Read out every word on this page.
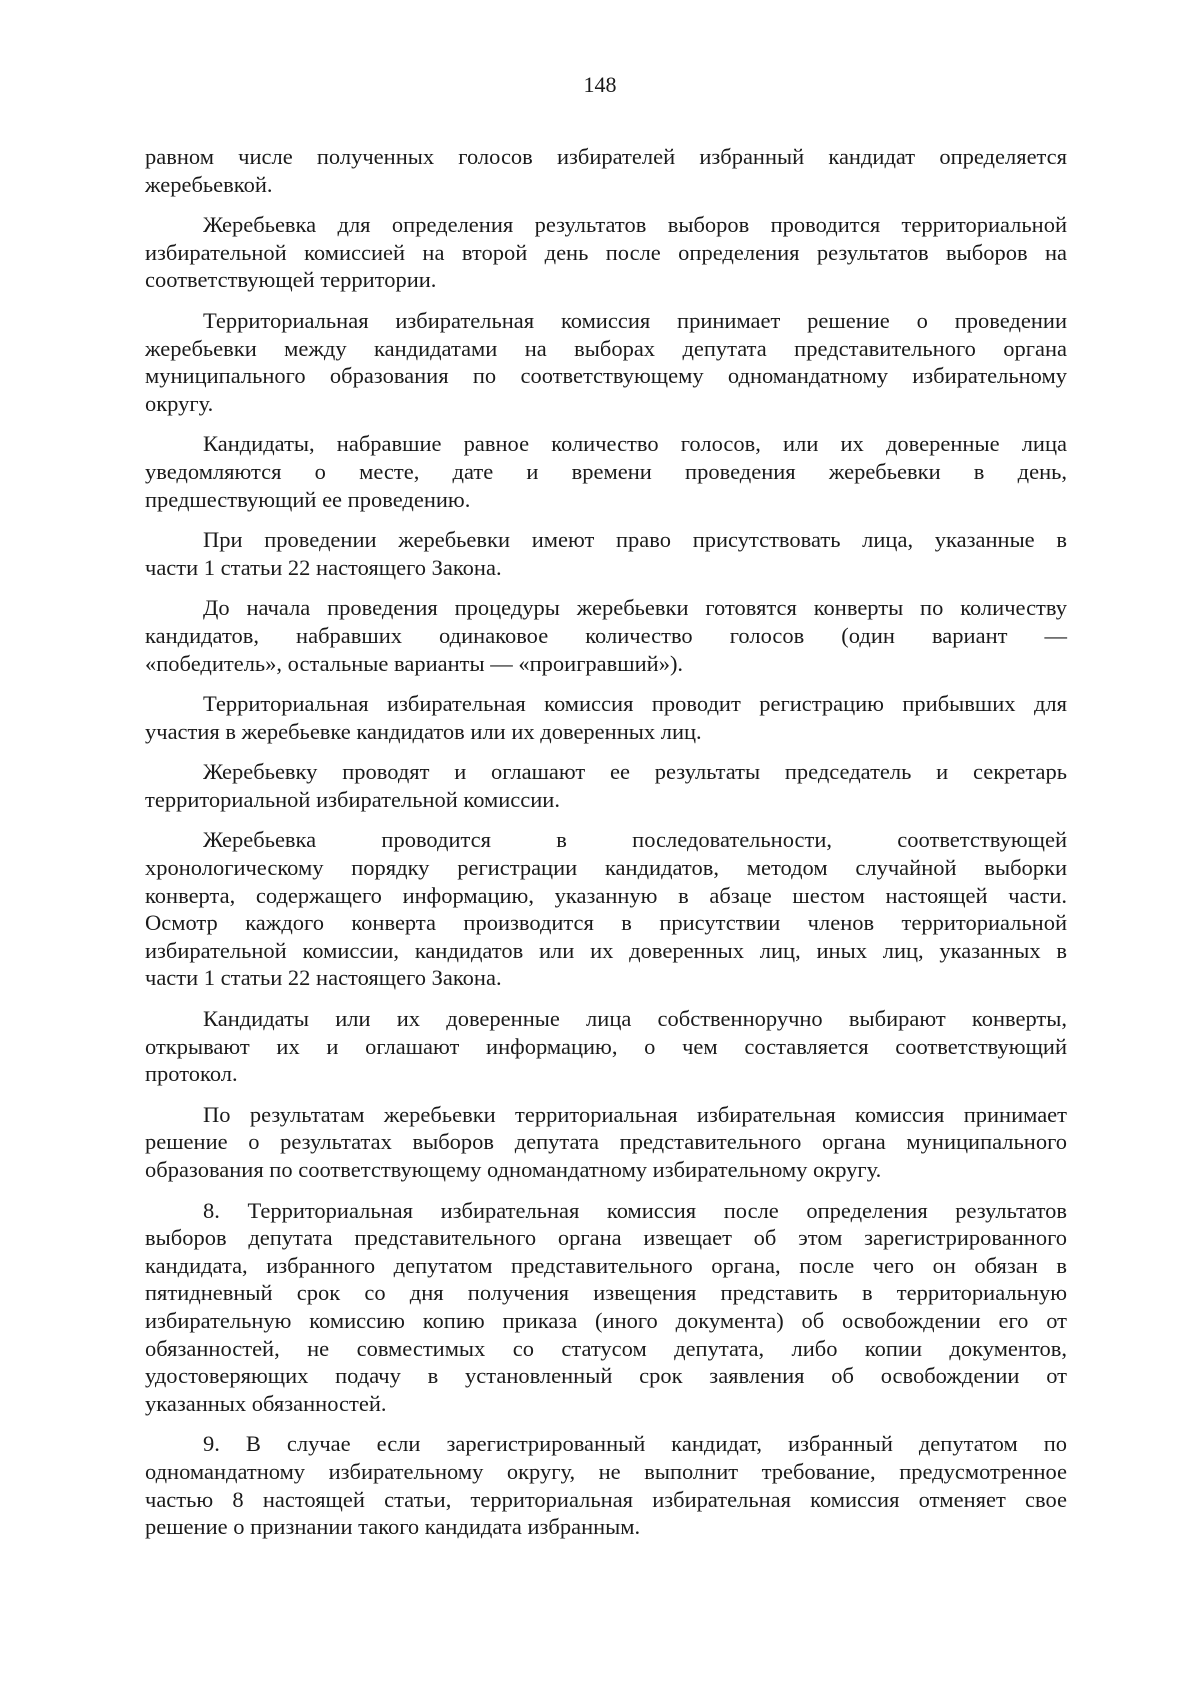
148
равном числе полученных голосов избирателей избранный кандидат определяется
жеребьевкой.
Жеребьевка для определения результатов выборов проводится территориальной
избирательной комиссией на второй день после определения результатов выборов на
соответствующей территории.
Территориальная избирательная комиссия принимает решение о проведении
жеребьевки между кандидатами на выборах депутата представительного органа
муниципального образования по соответствующему одномандатному избирательному
округу.
Кандидаты, набравшие равное количество голосов, или их доверенные лица
уведомляются о месте, дате и времени проведения жеребьевки в день,
предшествующий ее проведению.
При проведении жеребьевки имеют право присутствовать лица, указанные в
части 1 статьи 22 настоящего Закона.
До начала проведения процедуры жеребьевки готовятся конверты по количеству
кандидатов, набравших одинаковое количество голосов (один вариант —
«победитель», остальные варианты — «проигравший»).
Территориальная избирательная комиссия проводит регистрацию прибывших для
участия в жеребьевке кандидатов или их доверенных лиц.
Жеребьевку проводят и оглашают ее результаты председатель и секретарь
территориальной избирательной комиссии.
Жеребьевка проводится в последовательности, соответствующей
хронологическому порядку регистрации кандидатов, методом случайной выборки
конверта, содержащего информацию, указанную в абзаце шестом настоящей части.
Осмотр каждого конверта производится в присутствии членов территориальной
избирательной комиссии, кандидатов или их доверенных лиц, иных лиц, указанных в
части 1 статьи 22 настоящего Закона.
Кандидаты или их доверенные лица собственноручно выбирают конверты,
открывают их и оглашают информацию, о чем составляется соответствующий
протокол.
По результатам жеребьевки территориальная избирательная комиссия принимает
решение о результатах выборов депутата представительного органа муниципального
образования по соответствующему одномандатному избирательному округу.
8. Территориальная избирательная комиссия после определения результатов
выборов депутата представительного органа извещает об этом зарегистрированного
кандидата, избранного депутатом представительного органа, после чего он обязан в
пятидневный срок со дня получения извещения представить в территориальную
избирательную комиссию копию приказа (иного документа) об освобождении его от
обязанностей, не совместимых со статусом депутата, либо копии документов,
удостоверяющих подачу в установленный срок заявления об освобождении от
указанных обязанностей.
9. В случае если зарегистрированный кандидат, избранный депутатом по
одномандатному избирательному округу, не выполнит требование, предусмотренное
частью 8 настоящей статьи, территориальная избирательная комиссия отменяет свое
решение о признании такого кандидата избранным.
